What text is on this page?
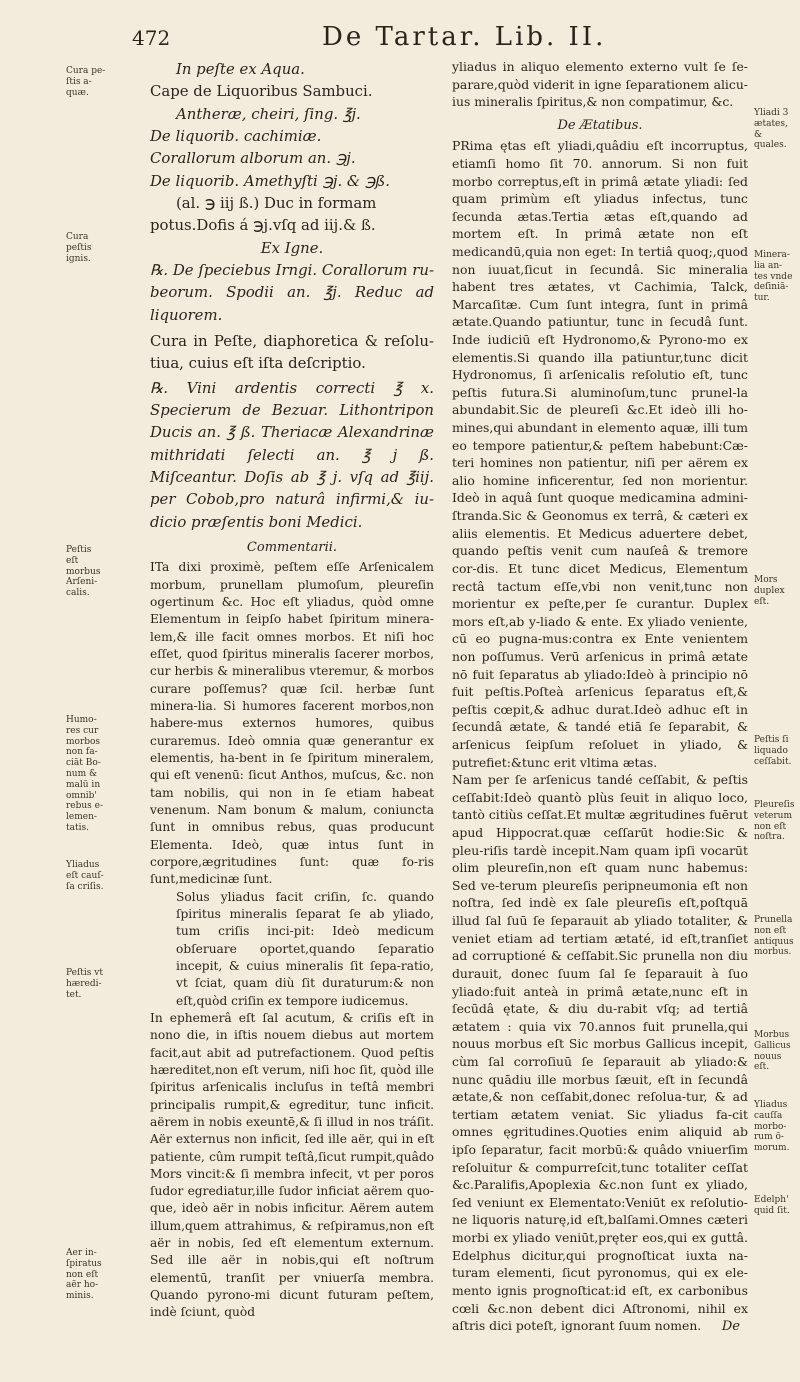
472	De Tartar. Lib. II.
Cura pe-ſtis a-quæ.
Cura peſtis ignis.
Peſtis eſt morbus Arſeni-calis.
Humo-res cur morbos non fa-ciāt Bo-num & malū in omnib' rebus e-lemen-tatis.
Yliadus eſt cauſ-ſa criſis.
Peſtis vt hæredi-tet.
Aer in-ſpiratus non eſt aër ho-minis.
Yliadi 3 ætates, & quales.
Minera-lia an-tes vnde deſiniā-tur.
Mors duplex eſt.
Peſtis ſi liquado ceſſabit.
Pleureſis veterum non eſt noſtra.
Prunella non eſt antiquus morbus.
Morbus Gallicus nouus eſt.
Yliadus cauſſa morbo-rum ō-morum.
Edelph' quid ſit.
In peſte ex Aqua.
Cape de Liquoribus Sambuci.
Antheræ, cheiri, ſing. ℥j.
De liquorib. cachimiæ.
Corallorum alborum an. ℈j.
De liquorib. Amethyſti ℈j. & ℈ß.
(al. ℈ iij ß.) Duc in formam
potus.Dofis á ℈j.vſq ad iij.& ß.
Ex Igne.
℞. De ſpeciebus Irngi. Corallorum ru-beorum. Spodii an. ℥j. Reduc ad liquorem.
Cura in Peſte, diaphoretica & reſolu-tiua, cuius eſt iſta deſcriptio.
℞. Vini ardentis correcti ℥ x. Specierum de Bezuar. Lithontripon Ducis an. ℥ ß. Theriacæ Alexandrinæ mithridati ſelecti an. ℥ j ß. Miſceantur. Doſis ab ℥ j. vſq ad ℥iij. per Cobob,pro naturâ infirmi,& iu-dicio præſentis boni Medici.
Commentarii.

ITa dixi proximè, peſtem eſſe Arſenicalem morbum, prunellam plumoſum, pleureſin ogertinum &c. Hoc eſt yliadus, quòd omne Elementum in ſeipſo habet ſpiritum minera-lem,& ille facit omnes morbos. Et niſi hoc eſſet, quod ſpiritus mineralis ſacerer morbos, cur herbis & mineralibus vteremur, & morbos curare poſſemus? quæ ſcil. herbæ ſunt minera-lia. Si humores facerent morbos,non habere-mus externos humores, quibus curaremus. Ideò omnia quæ generantur ex elementis, ha-bent in ſe ſpiritum mineralem, qui eſt venenū: ſicut Anthos, muſcus, &c. non tam nobilis, qui non in ſe etiam habeat venenum. Nam bonum & malum, coniuncta ſunt in omnibus rebus, quas producunt Elementa. Ideò, quæ intus ſunt in corpore,ægritudines ſunt: quæ fo-ris ſunt,medicinæ ſunt.

Solus yliadus facit criſin, ſc. quando ſpiritus mineralis ſeparat ſe ab yliado, tum criſis inci-pit: Ideò medicum obſeruare oportet,quando ſeparatio incepit, & cuius mineralis ſit ſepa-ratio, vt ſciat, quam diù ſit duraturum:& non eſt,quòd criſin ex tempore iudicemus.

In ephemerâ eſt ſal acutum, & criſis eſt in nono die, in iſtis nouem diebus aut mortem facit,aut abit ad putrefactionem. Quod peſtis hæreditet,non eſt verum, niſi hoc ſit, quòd ille ſpiritus arſenicalis incluſus in teſtâ membri principalis rumpit,& egreditur, tunc inficit. aërem in nobis exeuntē,& ſi illud in nos tráſit. Aër externus non inficit, ſed ille aër, qui in eſt patiente, cûm rumpit teſtâ,ſicut rumpit,quâdo Mors vincit:& ſi membra infecit, vt per poros ſudor egrediatur,ille ſudor inficiat aërem quo-que, ideò aër in nobis inficitur. Aërem autem illum,quem attrahimus, & reſpiramus,non eſt aër in nobis, ſed eſt elementum externum. Sed ille aër in nobis,qui eſt noſtrum elementū, tranſit per vniuerſa membra. Quando pyrono-mi dicunt futuram peſtem, indè ſciunt, quòd

yliadus in aliquo elemento externo vult ſe ſe-parare,quòd viderit in igne ſeparationem alicu-ius mineralis ſpiritus,& non compatimur, &c.
De Ætatibus.

PRima ętas eſt yliadi,quâdiu eſt incorruptus, etiamſi homo ſit 70. annorum. Si non fuit morbo correptus,eſt in primâ ætate yliadi: ſed quam primùm eſt yliadus infectus, tunc ſecunda ætas.Tertia ætas eſt,quando ad mortem eſt. In primâ ætate non eſt medicandū,quia non eget: In tertiâ quoq;,quod non iuuat,ſicut in ſecundâ. Sic mineralia habent tres ætates, vt Cachimia, Talck, Marcaſitæ. Cum ſunt integra, ſunt in primâ ætate.Quando patiuntur, tunc in ſecudâ ſunt. Inde iudiciū eſt Hydronomo,& Pyrono-mo ex elementis.Si quando illa patiuntur,tunc dicit Hydronomus, ſi arſenicalis reſolutio eſt, tunc peſtis futura.Si aluminoſum,tunc prunel-la abundabit.Sic de pleureſi &c.Et ideò illi ho-mines,qui abundant in elemento aquæ, illi tum eo tempore patientur,& peſtem habebunt:Cæ-teri homines non patientur, niſi per aërem ex alio homine inficerentur, ſed non morientur. Ideò in aquâ ſunt quoque medicamina admini-ſtranda.Sic & Geonomus ex terrâ, & cæteri ex aliis elementis. Et Medicus aduertere debet, quando peſtis venit cum nauſeâ & tremore cor-dis. Et tunc dicet Medicus, Elementum rectâ tactum eſſe,vbi non venit,tunc non morientur ex peſte,per ſe curantur. Duplex mors eſt,ab y-liado & ente. Ex yliado veniente, cū eo pugna-mus:contra ex Ente venientem non poſſumus. Verū arſenicus in primâ ætate nō fuit ſeparatus ab yliado:Ideò à principio nō fuit peſtis.Poſteà arſenicus ſeparatus eſt,& peſtis cœpit,& adhuc durat.Ideò adhuc eſt in ſecundâ ætate, & tandé etiā ſe ſeparabit, & arſenicus ſeipſum reſoluet in yliado, & putrefiet:&tunc erit vltima ætas.

Nam per ſe arſenicus tandé ceſſabit, & peſtis ceſſabit:Ideò quantò plùs ſeuit in aliquo loco, tantò citiùs ceſſat.Et multæ ægritudines fuērut apud Hippocrat.quæ ceſſarūt hodie:Sic & pleu-riſis tardè incepit.Nam quam ipſi vocarūt olim pleureſin,non eſt quam nunc habemus: Sed ve-terum pleureſis peripneumonia eſt non noſtra, ſed indè ex ſale pleureſis eſt,poſtquā illud ſal ſuū ſe ſeparauit ab yliado totaliter, & veniet etiam ad tertiam ætaté, id eſt,tranſiet ad corruptioné & ceſſabit.Sic prunella non diu durauit, donec ſuum ſal ſe ſeparauit à ſuo yliado:fuit anteà in primâ ætate,nunc eſt in ſecūdâ ętate, & diu du-rabit vſq; ad tertiâ ætatem : quia vix 70.annos fuit prunella,qui nouus morbus eſt Sic morbus Gallicus incepit, cùm ſal corroſiuū ſe ſeparauit ab yliado:& nunc quādiu ille morbus ſæuit, eſt in ſecundâ ætate,& non ceſſabit,donec reſolua-tur, & ad tertiam ætatem veniat. Sic yliadus fa-cit omnes ęgritudines.Quoties enim aliquid ab ipſo ſeparatur, facit morbū:& quâdo vniuerſim reſoluitur & compurreſcit,tunc totaliter ceſſat &c.Paralifis,Apoplexia &c.non ſunt ex yliado, ſed veniunt ex Elementato:Veniūt ex reſolutio-ne liquoris naturę,id eſt,balſami.Omnes cæteri morbi ex yliado veniūt,pręter eos,qui ex guttâ. Edelphus dicitur,qui prognoſticat iuxta na-turam elementi, ſicut pyronomus, qui ex ele-mento ignis prognoſticat:id eſt, ex carbonibus cœli &c.non debent dici Aſtronomi, nihil ex aſtris dici poteſt, ignorant ſuum nomen.	De
